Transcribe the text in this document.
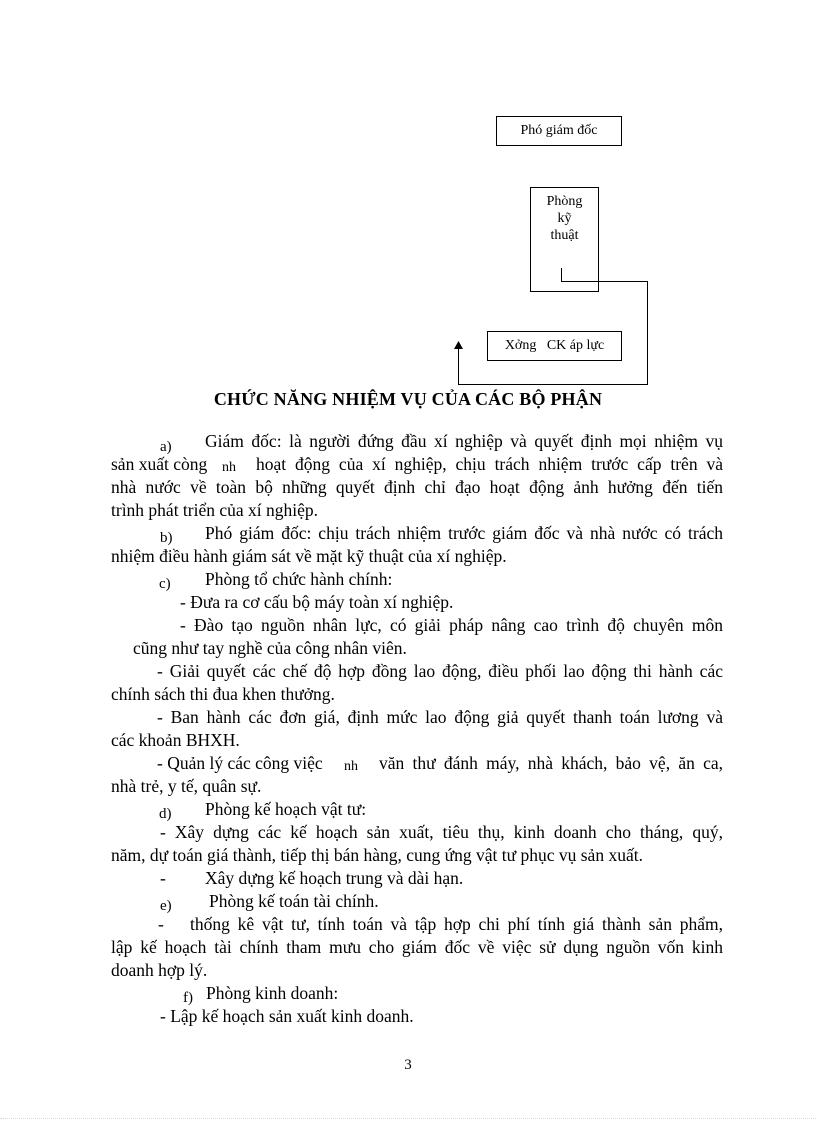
Phó giám đốc
Phòng
kỹ
thuật
Xởng   CK áp lực
CHỨC NĂNG NHIỆM VỤ CỦA CÁC BỘ PHẬN
a) Giám đốc: là người đứng đầu xí nghiệp và quyết định mọi nhiệm vụ

sản xuất còng nh hoạt động của xí nghiệp, chịu trách nhiệm trước cấp trên và

nhà nước về toàn bộ những quyết định chỉ đạo hoạt động ảnh hưởng đến tiến

trình phát triển của xí nghiệp.

b) Phó giám đốc: chịu trách nhiệm trước giám đốc và nhà nước có trách

nhiệm điều hành giám sát về mặt kỹ thuật của xí nghiệp.

c) Phòng tổ chức hành chính:

- Đưa ra cơ cấu bộ máy toàn xí nghiệp.

- Đào tạo nguồn nhân lực, có giải pháp nâng cao trình độ chuyên môn

cũng như tay nghề của công nhân viên.

- Giải quyết các chế độ hợp đồng lao động, điều phối lao động thi hành các

chính sách thi đua khen thưởng.

- Ban hành các đơn giá, định mức lao động giả quyết thanh toán lương và

các khoản BHXH.

- Quản lý các công việc nh văn thư đánh máy, nhà khách, bảo vệ, ăn ca,

nhà trẻ, y tế, quân sự.

d) Phòng kế hoạch vật tư:

- Xây dựng các kế hoạch sản xuất, tiêu thụ, kinh doanh cho tháng, quý,

năm, dự toán giá thành, tiếp thị bán hàng, cung ứng vật tư phục vụ sản xuất.

- Xây dựng kế hoạch trung và dài hạn.

e) Phòng kế toán tài chính.

- thống kê vật tư, tính toán và tập hợp chi phí tính giá thành sản phẩm,

lập kế hoạch tài chính tham mưu cho giám đốc về việc sử dụng nguồn vốn kinh

doanh hợp lý.

f) Phòng kinh doanh:

- Lập kế hoạch sản xuất kinh doanh.

3
